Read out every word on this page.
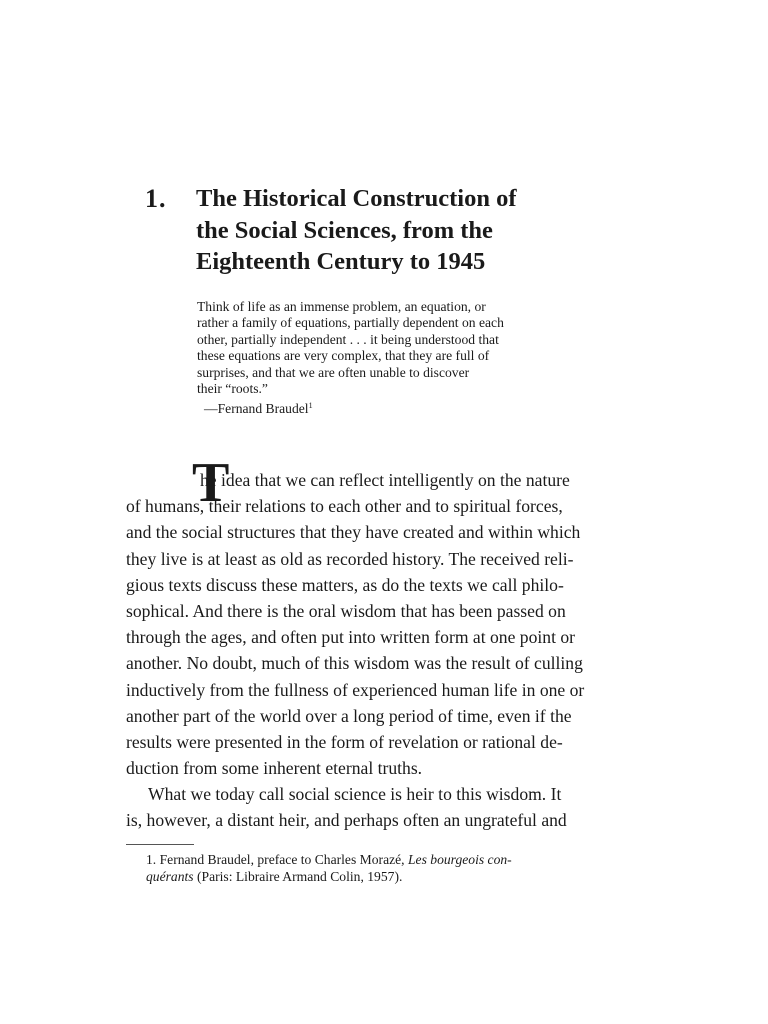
1. The Historical Construction of
the Social Sciences, from the
Eighteenth Century to 1945
Think of life as an immense problem, an equation, or
rather a family of equations, partially dependent on each
other, partially independent . . . it being understood that
these equations are very complex, that they are full of
surprises, and that we are often unable to discover
their “roots.”
—Fernand Braudel$^1$
T
he idea that we can reflect intelligently on the nature
of humans, their relations to each other and to spiritual forces,
and the social structures that they have created and within which
they live is at least as old as recorded history. The received reli-
gious texts discuss these matters, as do the texts we call philo-
sophical. And there is the oral wisdom that has been passed on
through the ages, and often put into written form at one point or
another. No doubt, much of this wisdom was the result of culling
inductively from the fullness of experienced human life in one or
another part of the world over a long period of time, even if the
results were presented in the form of revelation or rational de-
duction from some inherent eternal truths.
What we today call social science is heir to this wisdom. It
is, however, a distant heir, and perhaps often an ungrateful and
1. Fernand Braudel, preface to Charles Morazé, Les bourgeois con-
quérants (Paris: Libraire Armand Colin, 1957).
